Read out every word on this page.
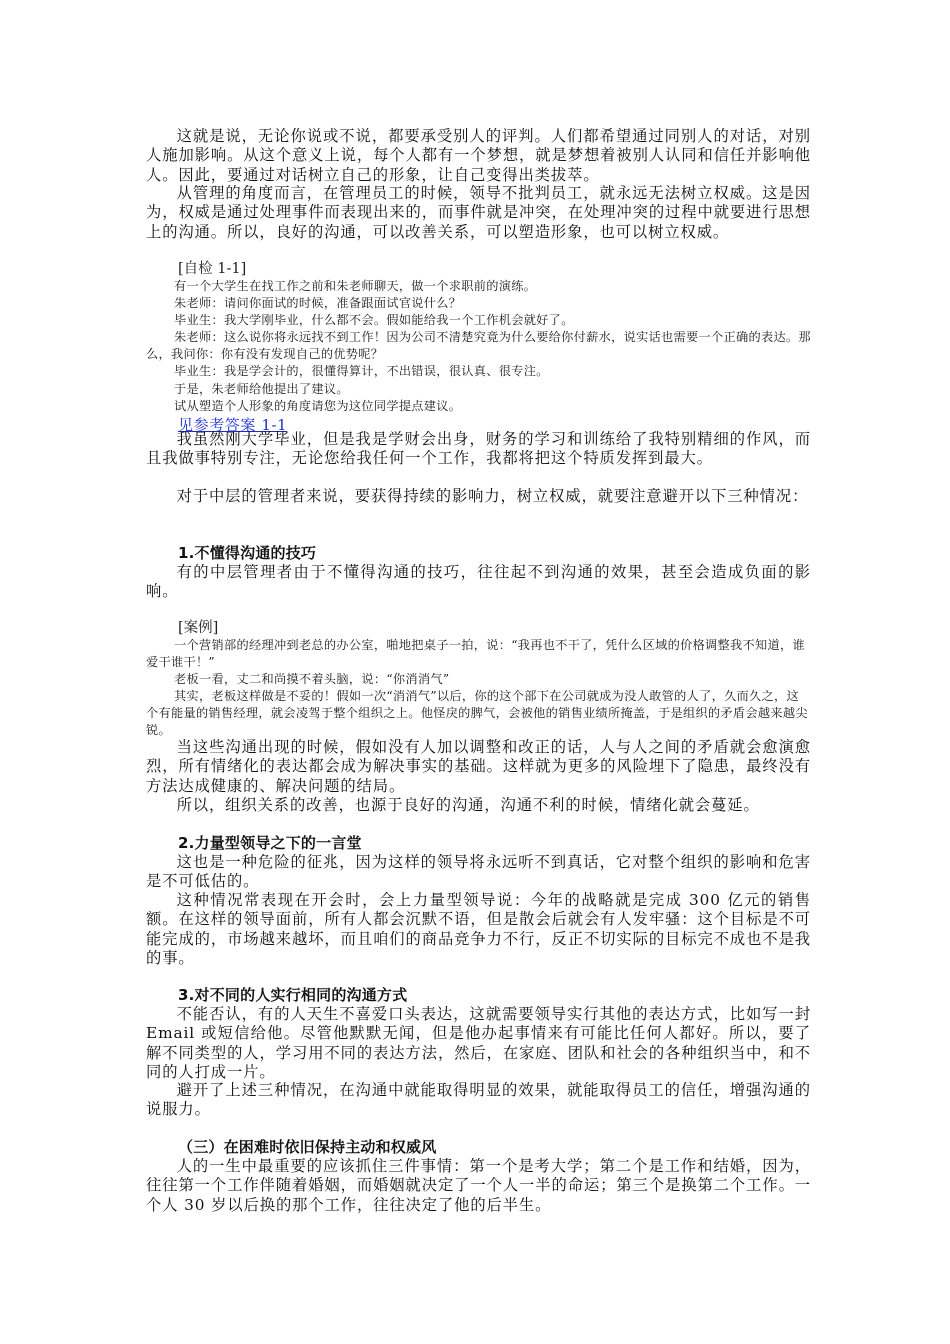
这就是说，无论你说或不说，都要承受别人的评判。人们都希望通过同别人的对话，对别人施加影响。从这个意义上说，每个人都有一个梦想，就是梦想着被别人认同和信任并影响他人。因此，要通过对话树立自己的形象，让自己变得出类拔萃。

从管理的角度而言，在管理员工的时候，领导不批判员工，就永远无法树立权威。这是因为，权威是通过处理事件而表现出来的，而事件就是冲突，在处理冲突的过程中就要进行思想上的沟通。所以，良好的沟通，可以改善关系，可以塑造形象，也可以树立权威。

[自检 1-1]

有一个大学生在找工作之前和朱老师聊天，做一个求职前的演练。

朱老师：请问你面试的时候，准备跟面试官说什么？

毕业生：我大学刚毕业，什么都不会。假如能给我一个工作机会就好了。

朱老师：这么说你将永远找不到工作！因为公司不清楚究竟为什么要给你付薪水，说实话也需要一个正确的表达。那么，我问你：你有没有发现自己的优势呢？

毕业生：我是学会计的，很懂得算计，不出错误，很认真、很专注。

于是，朱老师给他提出了建议。

试从塑造个人形象的角度请您为这位同学提点建议。

见参考答案 1-1

我虽然刚大学毕业，但是我是学财会出身，财务的学习和训练给了我特别精细的作风，而且我做事特别专注，无论您给我任何一个工作，我都将把这个特质发挥到最大。

对于中层的管理者来说，要获得持续的影响力，树立权威，就要注意避开以下三种情况：

1.不懂得沟通的技巧

有的中层管理者由于不懂得沟通的技巧，往往起不到沟通的效果，甚至会造成负面的影响。

[案例]

一个营销部的经理冲到老总的办公室，啪地把桌子一拍，说：“我再也不干了，凭什么区域的价格调整我不知道，谁爱干谁干！”

老板一看，丈二和尚摸不着头脑，说：“你消消气”

其实，老板这样做是不妥的！假如一次“消消气”以后，你的这个部下在公司就成为没人敢管的人了，久而久之，这个有能量的销售经理，就会凌驾于整个组织之上。他怪戾的脾气，会被他的销售业绩所掩盖，于是组织的矛盾会越来越尖锐。

当这些沟通出现的时候，假如没有人加以调整和改正的话，人与人之间的矛盾就会愈演愈烈，所有情绪化的表达都会成为解决事实的基础。这样就为更多的风险埋下了隐患，最终没有方法达成健康的、解决问题的结局。

所以，组织关系的改善，也源于良好的沟通，沟通不利的时候，情绪化就会蔓延。

2.力量型领导之下的一言堂

这也是一种危险的征兆，因为这样的领导将永远听不到真话，它对整个组织的影响和危害是不可低估的。

这种情况常表现在开会时，会上力量型领导说：今年的战略就是完成 300 亿元的销售额。在这样的领导面前，所有人都会沉默不语，但是散会后就会有人发牢骚：这个目标是不可能完成的，市场越来越坏，而且咱们的商品竞争力不行，反正不切实际的目标完不成也不是我的事。

3.对不同的人实行相同的沟通方式

不能否认，有的人天生不喜爱口头表达，这就需要领导实行其他的表达方式，比如写一封 Email 或短信给他。尽管他默默无闻，但是他办起事情来有可能比任何人都好。所以，要了解不同类型的人，学习用不同的表达方法，然后，在家庭、团队和社会的各种组织当中，和不同的人打成一片。

避开了上述三种情况，在沟通中就能取得明显的效果，就能取得员工的信任，增强沟通的说服力。

（三）在困难时依旧保持主动和权威风

人的一生中最重要的应该抓住三件事情：第一个是考大学；第二个是工作和结婚，因为，往往第一个工作伴随着婚姻，而婚姻就决定了一个人一半的命运；第三个是换第二个工作。一个人 30 岁以后换的那个工作，往往决定了他的后半生。
